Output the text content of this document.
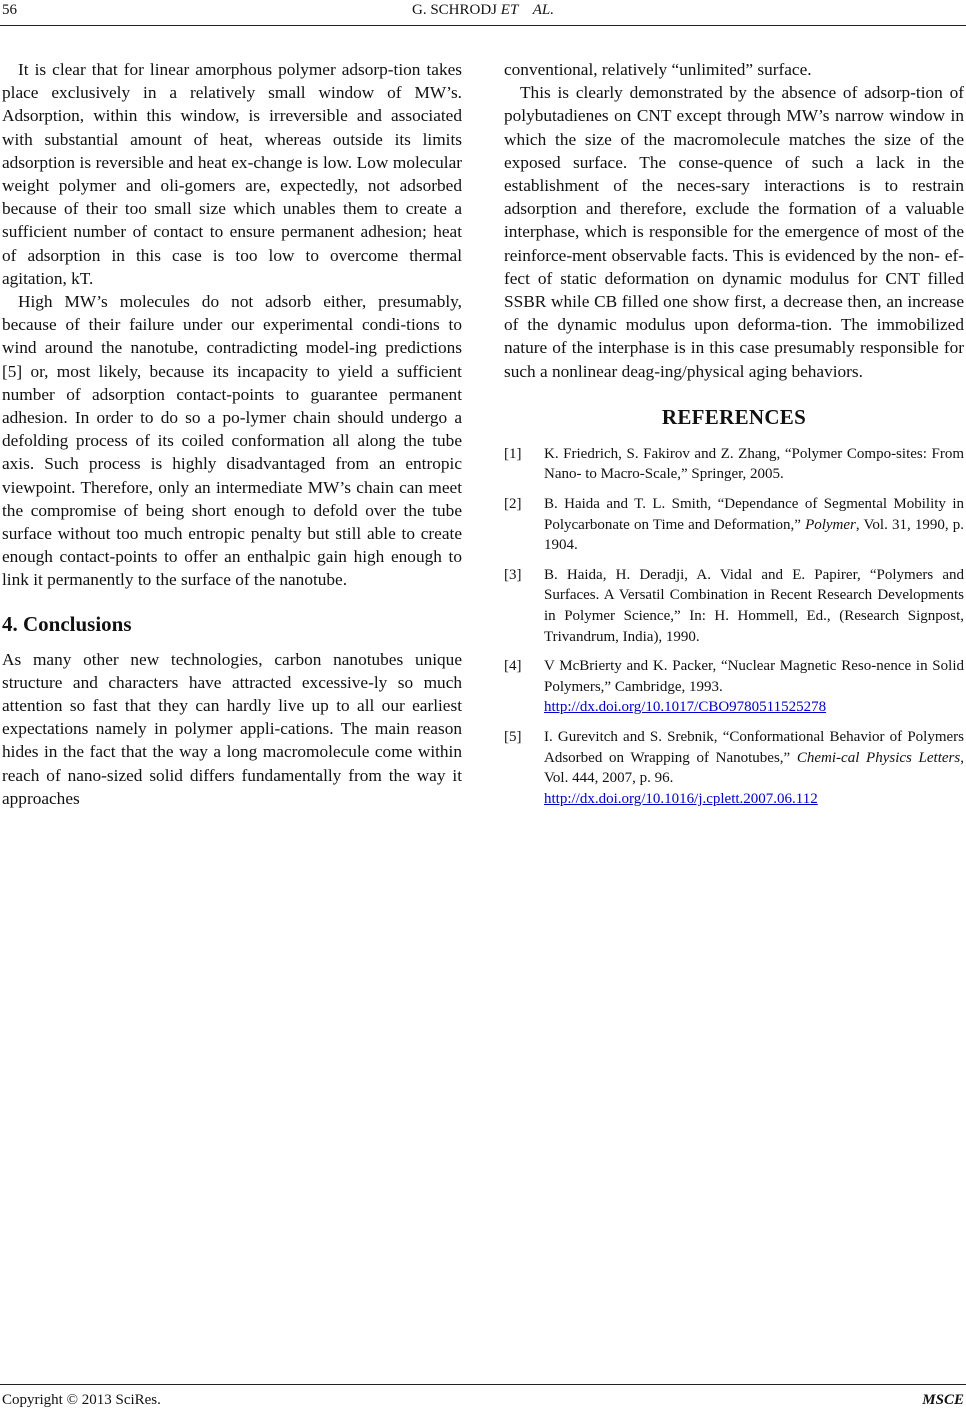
56	G. SCHRODJ ET    AL.

It is clear that for linear amorphous polymer adsorp-tion takes place exclusively in a relatively small window of MW’s. Adsorption, within this window, is irreversible and associated with substantial amount of heat, whereas outside its limits adsorption is reversible and heat ex-change is low. Low molecular weight polymer and oli-gomers are, expectedly, not adsorbed because of their too small size which unables them to create a sufficient number of contact to ensure permanent adhesion; heat of adsorption in this case is too low to overcome thermal agitation, kT.

High MW’s molecules do not adsorb either, presumably, because of their failure under our experimental condi-tions to wind around the nanotube, contradicting model-ing predictions [5] or, most likely, because its incapacity to yield a sufficient number of adsorption contact-points to guarantee permanent adhesion. In order to do so a po-lymer chain should undergo a defolding process of its coiled conformation all along the tube axis. Such process is highly disadvantaged from an entropic viewpoint. Therefore, only an intermediate MW’s chain can meet the compromise of being short enough to defold over the tube surface without too much entropic penalty but still able to create enough contact-points to offer an enthalpic gain high enough to link it permanently to the surface of the nanotube.

4. Conclusions

As many other new technologies, carbon nanotubes unique structure and characters have attracted excessive-ly so much attention so fast that they can hardly live up to all our earliest expectations namely in polymer appli-cations. The main reason hides in the fact that the way a long macromolecule come within reach of nano-sized solid differs fundamentally from the way it approaches

conventional, relatively “unlimited” surface.

This is clearly demonstrated by the absence of adsorp-tion of polybutadienes on CNT except through MW’s narrow window in which the size of the macromolecule matches the size of the exposed surface. The conse-quence of such a lack in the establishment of the neces-sary interactions is to restrain adsorption and therefore, exclude the formation of a valuable interphase, which is responsible for the emergence of most of the reinforce-ment observable facts. This is evidenced by the non- ef-fect of static deformation on dynamic modulus for CNT filled SSBR while CB filled one show first, a decrease then, an increase of the dynamic modulus upon deforma-tion. The immobilized nature of the interphase is in this case presumably responsible for such a nonlinear deag-ing/physical aging behaviors.

REFERENCES
[1]	K. Friedrich, S. Fakirov and Z. Zhang, “Polymer Compo-sites: From Nano- to Macro-Scale,” Springer, 2005.
[2]	B. Haida and T. L. Smith, “Dependance of Segmental Mobility in Polycarbonate on Time and Deformation,” Polymer, Vol. 31, 1990, p. 1904.
[3]	B. Haida, H. Deradji, A. Vidal and E. Papirer, “Polymers and Surfaces. A Versatil Combination in Recent Research Developments in Polymer Science,” In: H. Hommell, Ed., (Research Signpost, Trivandrum, India), 1990.
[4]	V McBrierty and K. Packer, “Nuclear Magnetic Reso-nence in Solid Polymers,” Cambridge, 1993.
http://dx.doi.org/10.1017/CBO9780511525278
[5]	I. Gurevitch and S. Srebnik, “Conformational Behavior of Polymers Adsorbed on Wrapping of Nanotubes,” Chemi-cal Physics Letters, Vol. 444, 2007, p. 96.
http://dx.doi.org/10.1016/j.cplett.2007.06.112
Copyright © 2013 SciRes.	MSCE
